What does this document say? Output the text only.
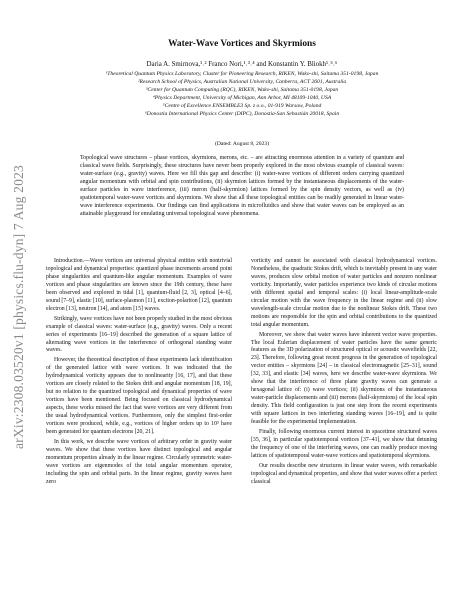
arXiv:2308.03520v1 [physics.flu-dyn] 7 Aug 2023
Water-Wave Vortices and Skyrmions
Daria A. Smirnova,¹˒² Franco Nori,¹˒³˒⁴ and Konstantin Y. Bliokh¹˒⁵˒⁶
¹Theoretical Quantum Physics Laboratory, Cluster for Pioneering Research, RIKEN, Wako-shi, Saitama 351-0198, Japan
²Research School of Physics, Australian National University, Canberra, ACT 2601, Australia
³Center for Quantum Computing (RQC), RIKEN, Wako-shi, Saitama 351-0198, Japan
⁴Physics Department, University of Michigan, Ann Arbor, MI 48109-1040, USA
⁵Centre of Excellence ENSEMBLE3 Sp. z o.o., 01-919 Warsaw, Poland
⁶Donostia International Physics Center (DIPC), Donostia-San Sebastián 20018, Spain
(Dated: August 8, 2023)
Topological wave structures – phase vortices, skyrmions, merons, etc. – are attracting enormous attention in a variety of quantum and classical wave fields. Surprisingly, these structures have never been properly explored in the most obvious example of classical waves: water-surface (e.g., gravity) waves. Here we fill this gap and describe: (i) water-wave vortices of different orders carrying quantized angular momentum with orbital and spin contributions, (ii) skyrmion lattices formed by the instantaneous displacements of the water-surface particles in wave interference, (iii) meron (half-skyrmion) lattices formed by the spin density vectors, as well as (iv) spatiotemporal water-wave vortices and skyrmions. We show that all these topological entities can be readily generated in linear water-wave interference experiments. Our findings can find applications in microfluidics and show that water waves can be employed as an attainable playground for emulating universal topological wave phenomena.

Introduction.—Wave vortices are universal physical entities with nontrivial topological and dynamical properties: quantized phase increments around point phase singularities and quantum-like angular momentum. Examples of wave vortices and phase singularities are known since the 19th century, these have been observed and explored in tidal [1], quantum-fluid [2, 3], optical [4–6], sound [7–9], elastic [10], surface-plasmon [11], exciton-polariton [12], quantum electron [13], neutron [14], and atom [15] waves.

Strikingly, wave vortices have not been properly studied in the most obvious example of classical waves: water-surface (e.g., gravity) waves. Only a recent series of experiments [16–19] described the generation of a square lattice of alternating wave vortices in the interference of orthogonal standing water waves.

However, the theoretical description of these experiments lack identification of the generated lattice with wave vortices. It was indicated that the hydrodynamical vorticity appears due to nonlinearity [16, 17], and that these vortices are closely related to the Stokes drift and angular momentum [18, 19], but no relation to the quantized topological and dynamical properties of wave vortices have been mentioned. Being focused on classical hydrodynamical aspects, these works missed the fact that wave vortices are very different from the usual hydrodynamical vortices. Furthermore, only the simplest first-order vortices were produced, while, e.g., vortices of higher orders up to 10³ have been generated for quantum electrons [20, 21].

In this work, we describe wave vortices of arbitrary order in gravity water waves. We show that these vortices have distinct topological and angular momentum properties already in the linear regime. Circularly symmetric water-wave vortices are eigenmodes of the total angular momentum operator, including the spin and orbital parts. In the linear regime, gravity waves have zero

vorticity and cannot be associated with classical hydrodynamical vortices. Nonetheless, the quadratic Stokes drift, which is inevitably present in any water waves, produces slow orbital motion of water particles and nonzero nonlinear vorticity. Importantly, water particles experience two kinds of circular motions with different spatial and temporal scales: (i) local linear-amplitude-scale circular motion with the wave frequency in the linear regime and (ii) slow wavelength-scale circular motion due to the nonlinear Stokes drift. These two motions are responsible for the spin and orbital contributions to the quantized total angular momentum.

Moreover, we show that water waves have inherent vector wave properties. The local Eulerian displacement of water particles have the same generic features as the 3D polarization of structured optical or acoustic wavefields [22, 23]. Therefore, following great recent progress in the generation of topological vector entities – skyrmions [24] – in classical electromagnetic [25–31], sound [32, 33], and elastic [34] waves, here we describe water-wave skyrmions. We show that the interference of three plane gravity waves can generate a hexagonal lattice of: (i) wave vortices; (ii) skyrmions of the instantaneous water-particle displacements and (iii) merons (half-skyrmions) of the local spin density. This field configuration is just one step from the recent experiments with square lattices in two interfering standing waves [16–19], and is quite feasible for the experimental implementation.

Finally, following enormous current interest in spacetime structured waves [35, 36], in particular spatiotemporal vortices [37–41], we show that detuning the frequency of one of the interfering waves, one can readily produce moving lattices of spatiotemporal water-wave vortices and spatiotemporal skyrmions.

Our results describe new structures in linear water waves, with remarkable topological and dynamical properties, and show that water waves offer a perfect classical
